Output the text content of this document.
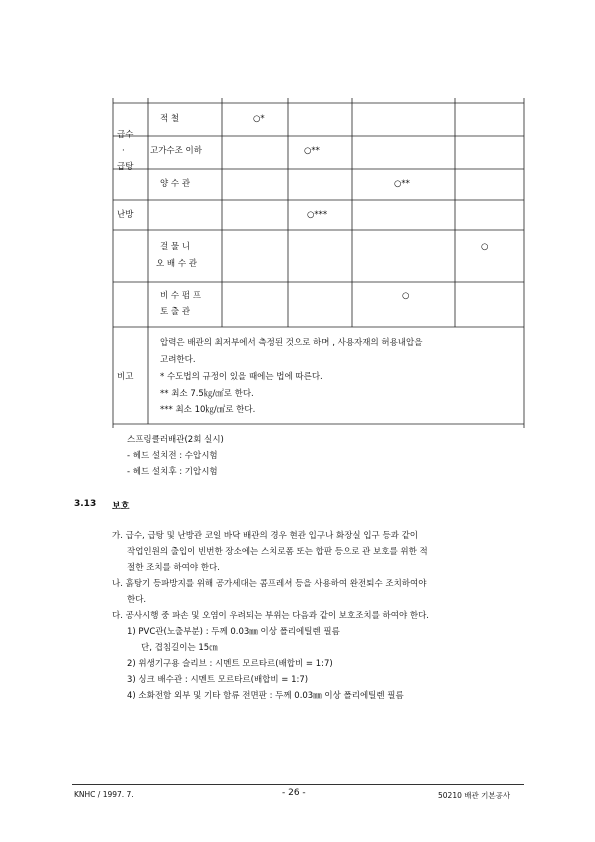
급수
·
급탕
난방
적 철
고가수조 이하
양 수 관
걸 물 니
오 배 수 관
비 수 펌 프
토 출 관
○*
○**
○**
○***
○
○
비고
압력은 배관의 최저부에서 측정된 것으로 하며 , 사용자재의 허용내압을
고려한다.
* 수도법의 규정이 있을 때에는 법에 따른다.
** 최소 7.5㎏/㎠로 한다.
*** 최소 10㎏/㎠로 한다.
스프링클러배관(2회 실시)
- 헤드 설치전 : 수압시험
- 헤드 설치후 : 기압시험
3.13 보호
가. 급수, 급탕 및 난방관 코일 바닥 배관의 경우 현관 입구나 화장실 입구 등과 같이
작업인원의 출입이 빈번한 장소에는 스치로폼 또는 합판 등으로 관 보호를 위한 적
절한 조치를 하여야 한다.
나. 흙탕기 등파방지를 위해 공가세대는 콤프레셔 등을 사용하여 완전퇴수 조치하여야
한다.
다. 공사시행 중 파손 및 오염이 우려되는 부위는 다음과 같이 보호조치를 하여야 한다.
1) PVC관(노출부분) : 두께 0.03㎜ 이상 폴리에틸렌 필름
단, 겹침길이는 15㎝
2) 위생기구용 슬리브 : 시멘트 모르타르(배합비 = 1:7)
3) 싱크 배수관 : 시멘트 모르타르(배합비 = 1:7)
4) 소화전함 외부 및 기타 함류 전면판 : 두께 0.03㎜ 이상 폴리에틸렌 필름
KNHC / 1997. 7.	- 26 -	50210 배관 기본공사
